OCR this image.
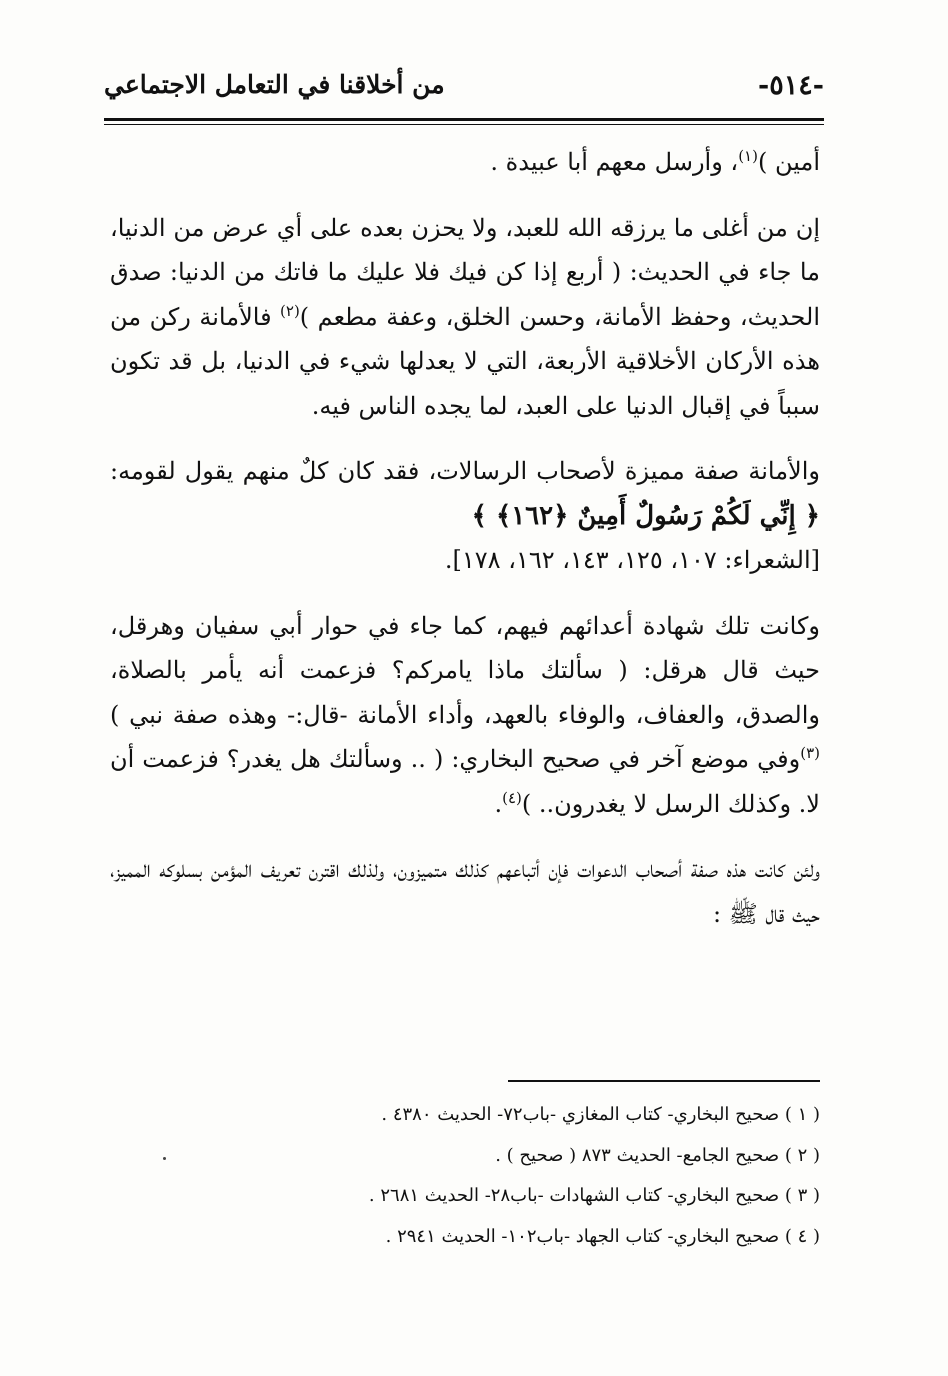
-٥١٤-
من أخلاقنا في التعامل الاجتماعي

أمين )$^{(١)}$، وأرسل معهم أبا عبيدة .

إن من أغلى ما يرزقه الله للعبد، ولا يحزن بعده على أي عرض من الدنيا، ما جاء في الحديث: ( أربع إذا كن فيك فلا عليك ما فاتك من الدنيا: صدق الحديث، وحفظ الأمانة، وحسن الخلق، وعفة مطعم )$^{(٢)}$ فالأمانة ركن من هذه الأركان الأخلاقية الأربعة، التي لا يعدلها شيء في الدنيا، بل قد تكون سبباً في إقبال الدنيا على العبد، لما يجده الناس فيه.

والأمانة صفة مميزة لأصحاب الرسالات، فقد كان كلٌ منهم يقول لقومه: ﴿ إِنِّي لَكُمْ رَسُولٌ أَمِينٌ ﴿١٦٢﴾ ﴾

[الشعراء: ١٠٧، ١٢٥، ١٤٣، ١٦٢، ١٧٨].

وكانت تلك شهادة أعدائهم فيهم، كما جاء في حوار أبي سفيان وهرقل، حيث قال هرقل: ( سألتك ماذا يامركم؟ فزعمت أنه يأمر بالصلاة، والصدق، والعفاف، والوفاء بالعهد، وأداء الأمانة -قال:- وهذه صفة نبي )$^{(٣)}$وفي موضع آخر في صحيح البخاري: ( .. وسألتك هل يغدر؟ فزعمت أن لا. وكذلك الرسل لا يغدرون.. )$^{(٤)}$.

ولئن كانت هذه صفة أصحاب الدعوات فإن أتباعهم كذلك متميزون، ولذلك اقترن تعريف المؤمن بسلوكه المميز، حيث قال ﷺ :

( ١ ) صحيح البخاري- كتاب المغازي -باب٧٢- الحديث ٤٣٨٠ .
( ٢ ) صحيح الجامع- الحديث ٨٧٣ ( صحيح ) .
( ٣ ) صحيح البخاري- كتاب الشهادات -باب٢٨- الحديث ٢٦٨١ .
( ٤ ) صحيح البخاري- كتاب الجهاد -باب١٠٢- الحديث ٢٩٤١ .
